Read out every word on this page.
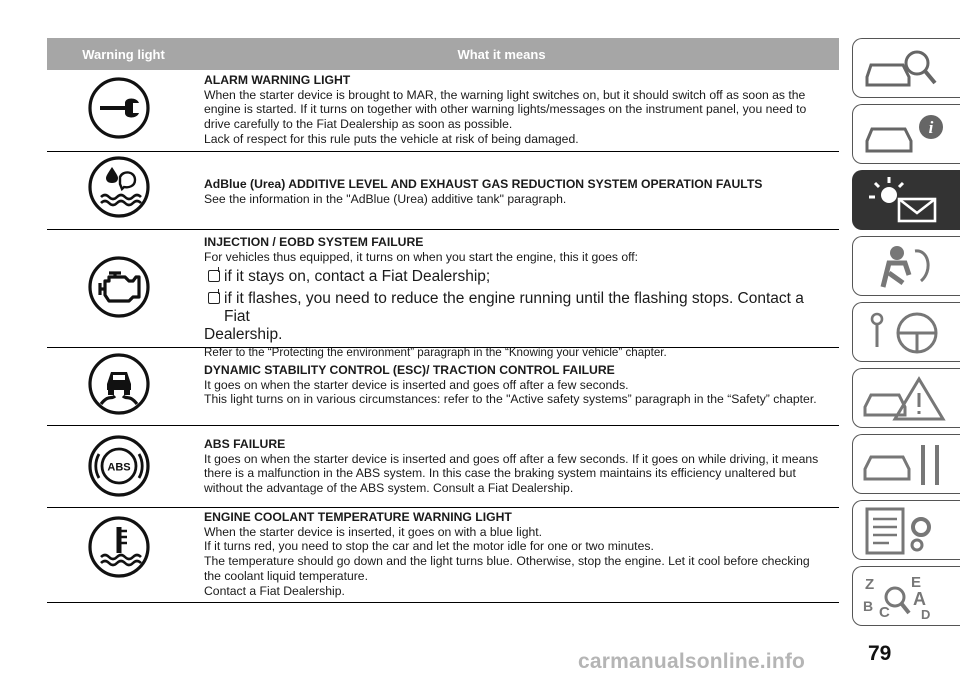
Warning light	What it means
ALARM WARNING LIGHT
When the starter device is brought to MAR, the warning light switches on, but it should switch off as soon as the
engine is started. If it turns on together with other warning lights/messages on the instrument panel, you need to
drive carefully to the Fiat Dealership as soon as possible.
Lack of respect for this rule puts the vehicle at risk of being damaged.
AdBlue (Urea) ADDITIVE LEVEL AND EXHAUST GAS REDUCTION SYSTEM OPERATION FAULTS
See the information in the "AdBlue (Urea) additive tank" paragraph.
INJECTION / EOBD SYSTEM FAILURE
For vehicles thus equipped, it turns on when you start the engine, this it goes off:
if it stays on, contact a Fiat Dealership;
if it flashes, you need to reduce the engine running until the flashing stops. Contact a Fiat
Dealership.
Refer to the “Protecting the environment” paragraph in the “Knowing your vehicle” chapter.
DYNAMIC STABILITY CONTROL (ESC)/ TRACTION CONTROL FAILURE
It goes on when the starter device is inserted and goes off after a few seconds.
This light turns on in various circumstances: refer to the "Active safety systems” paragraph in the “Safety” chapter.
ABS
ABS FAILURE
It goes on when the starter device is inserted and goes off after a few seconds. If it goes on while driving, it means
there is a malfunction in the ABS system. In this case the braking system maintains its efficiency unaltered but
without the advantage of the ABS system. Consult a Fiat Dealership.
ENGINE COOLANT TEMPERATURE WARNING LIGHT
When the starter device is inserted, it goes on with a blue light.
If it turns red, you need to stop the car and let the motor idle for one or two minutes.
The temperature should go down and the light turns blue. Otherwise, stop the engine. Let it cool before checking
the coolant liquid temperature.
Contact a Fiat Dealership.
i
Z E
B A
C D
79
carmanualsonline.info
